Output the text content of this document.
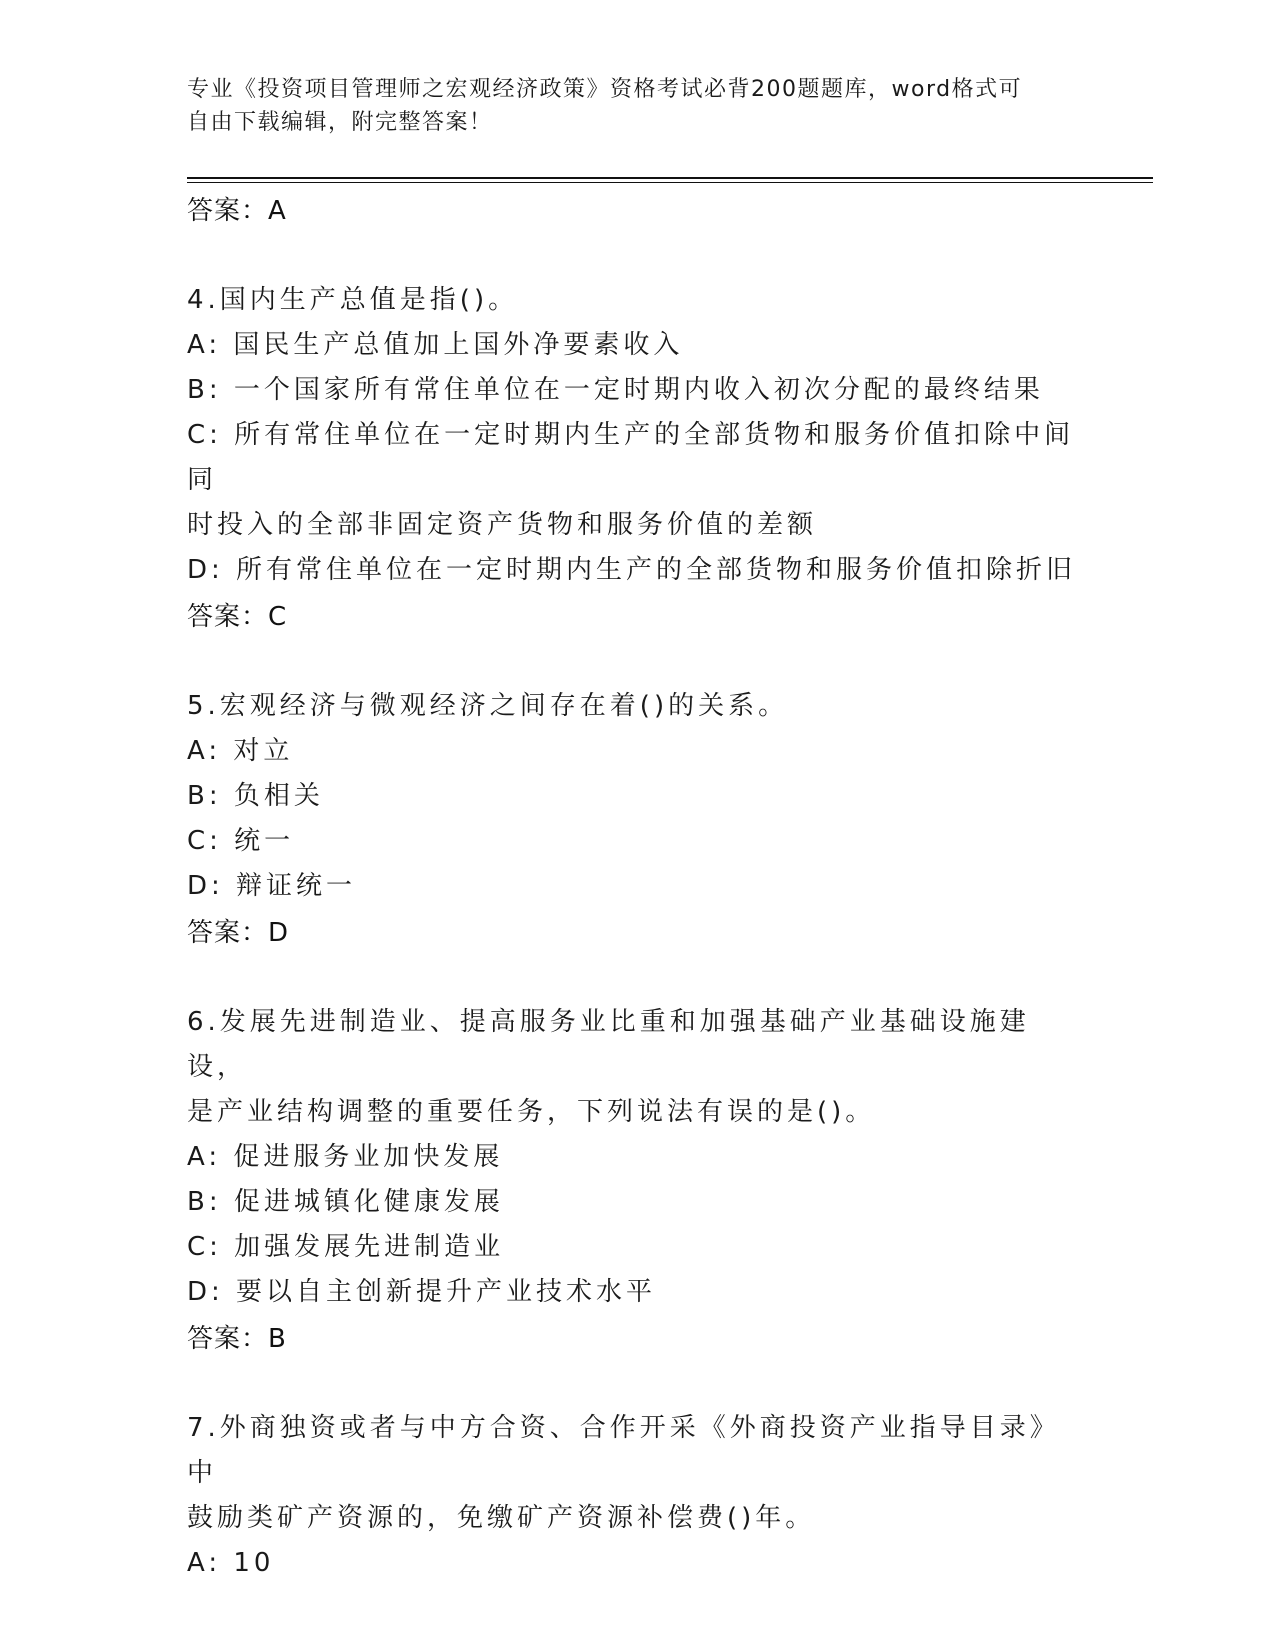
专业《投资项目管理师之宏观经济政策》资格考试必背200题题库，word格式可
自由下载编辑，附完整答案！
答案：A
4.国内生产总值是指()。
A: 国民生产总值加上国外净要素收入
B: 一个国家所有常住单位在一定时期内收入初次分配的最终结果
C: 所有常住单位在一定时期内生产的全部货物和服务价值扣除中间同
时投入的全部非固定资产货物和服务价值的差额
D: 所有常住单位在一定时期内生产的全部货物和服务价值扣除折旧
答案：C
5.宏观经济与微观经济之间存在着()的关系。
A: 对立
B: 负相关
C: 统一
D: 辩证统一
答案：D
6.发展先进制造业、提高服务业比重和加强基础产业基础设施建设，
是产业结构调整的重要任务，下列说法有误的是()。
A: 促进服务业加快发展
B: 促进城镇化健康发展
C: 加强发展先进制造业
D: 要以自主创新提升产业技术水平
答案：B
7.外商独资或者与中方合资、合作开采《外商投资产业指导目录》中
鼓励类矿产资源的，免缴矿产资源补偿费()年。
A: 10
